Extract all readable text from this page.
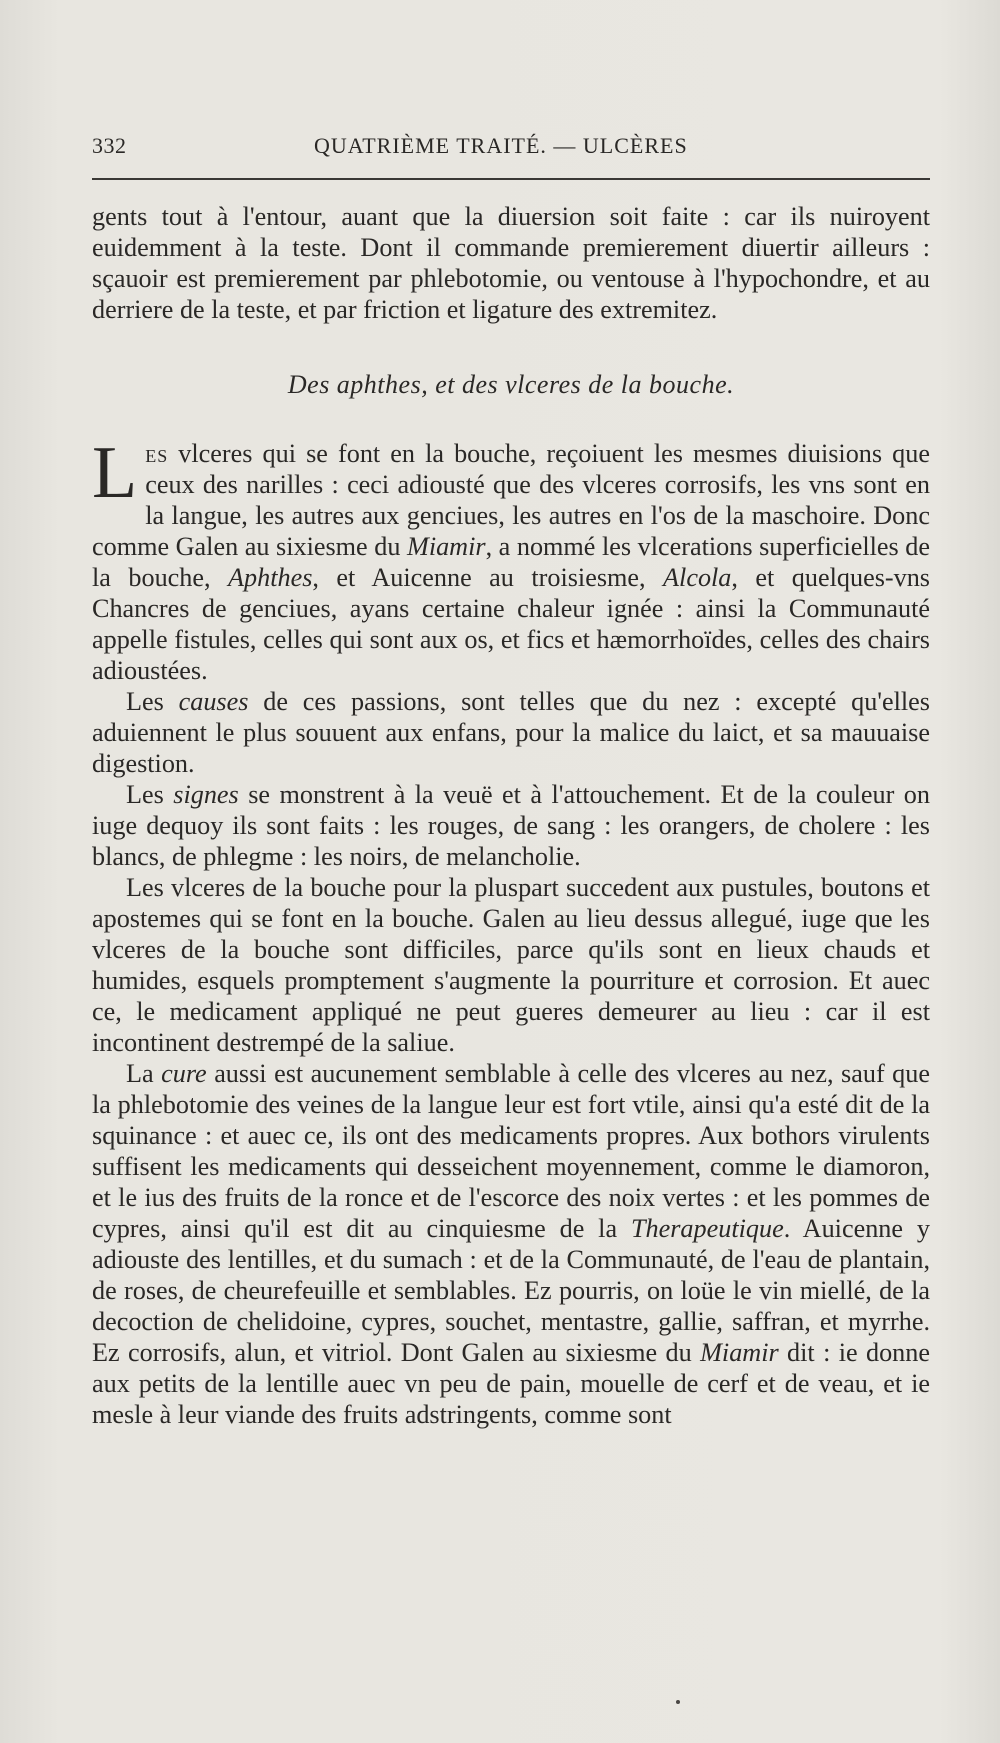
332	QUATRIÈME TRAITÉ. — ULCÈRES

gents tout à l'entour, auant que la diuersion soit faite : car ils nuiroyent euidemment à la teste. Dont il commande premierement diuertir ailleurs : sçauoir est premierement par phlebotomie, ou ventouse à l'hypochondre, et au derriere de la teste, et par friction et ligature des extremitez.

Des aphthes, et des vlceres de la bouche.

Les vlceres qui se font en la bouche, reçoiuent les mesmes diuisions que ceux des narilles : ceci adiousté que des vlceres corrosifs, les vns sont en la langue, les autres aux genciues, les autres en l'os de la maschoire. Donc comme Galen au sixiesme du Miamir, a nommé les vlcerations superficielles de la bouche, Aphthes, et Auicenne au troisiesme, Alcola, et quelques-vns Chancres de genciues, ayans certaine chaleur ignée : ainsi la Communauté appelle fistules, celles qui sont aux os, et fics et hæmorrhoïdes, celles des chairs adioustées.

Les causes de ces passions, sont telles que du nez : excepté qu'elles aduiennent le plus souuent aux enfans, pour la malice du laict, et sa mauuaise digestion.

Les signes se monstrent à la veuë et à l'attouchement. Et de la couleur on iuge dequoy ils sont faits : les rouges, de sang : les orangers, de cholere : les blancs, de phlegme : les noirs, de melancholie.

Les vlceres de la bouche pour la pluspart succedent aux pustules, boutons et apostemes qui se font en la bouche. Galen au lieu dessus allegué, iuge que les vlceres de la bouche sont difficiles, parce qu'ils sont en lieux chauds et humides, esquels promptement s'augmente la pourriture et corrosion. Et auec ce, le medicament appliqué ne peut gueres demeurer au lieu : car il est incontinent destrempé de la saliue.

La cure aussi est aucunement semblable à celle des vlceres au nez, sauf que la phlebotomie des veines de la langue leur est fort vtile, ainsi qu'a esté dit de la squinance : et auec ce, ils ont des medicaments propres. Aux bothors virulents suffisent les medicaments qui desseichent moyennement, comme le diamoron, et le ius des fruits de la ronce et de l'escorce des noix vertes : et les pommes de cypres, ainsi qu'il est dit au cinquiesme de la Therapeutique. Auicenne y adiouste des lentilles, et du sumach : et de la Communauté, de l'eau de plantain, de roses, de cheurefeuille et semblables. Ez pourris, on loüe le vin miellé, de la decoction de chelidoine, cypres, souchet, mentastre, gallie, saffran, et myrrhe. Ez corrosifs, alun, et vitriol. Dont Galen au sixiesme du Miamir dit : ie donne aux petits de la lentille auec vn peu de pain, mouelle de cerf et de veau, et ie mesle à leur viande des fruits adstringents, comme sont
